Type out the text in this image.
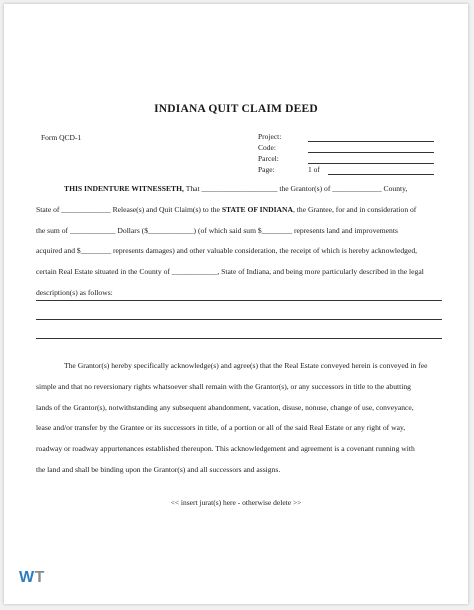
INDIANA QUIT CLAIM DEED
Form QCD-1	Project:
Code:
Parcel:
Page:	1 of

THIS INDENTURE WITNESSETH, That ____________________ the Grantor(s) of _____________ County,

State of _____________ Release(s) and Quit Claim(s) to the STATE OF INDIANA, the Grantee, for and in consideration of

the sum of ____________ Dollars ($____________) (of which said sum $________ represents land and improvements

acquired and $________ represents damages) and other valuable consideration, the receipt of which is hereby acknowledged,

certain Real Estate situated in the County of ____________, State of Indiana, and being more particularly described in the legal

description(s) as follows:

The Grantor(s) hereby specifically acknowledge(s) and agree(s) that the Real Estate conveyed herein is conveyed in fee

simple and that no reversionary rights whatsoever shall remain with the Grantor(s), or any successors in title to the abutting

lands of the Grantor(s), notwithstanding any subsequent abandonment, vacation, disuse, nonuse, change of use, conveyance,

lease and/or transfer by the Grantee or its successors in title, of a portion or all of the said Real Estate or any right of way,

roadway or roadway appurtenances established thereupon. This acknowledgement and agreement is a covenant running with

the land and shall be binding upon the Grantor(s) and all successors and assigns.

<< insert jurat(s) here - otherwise delete >>
WT
